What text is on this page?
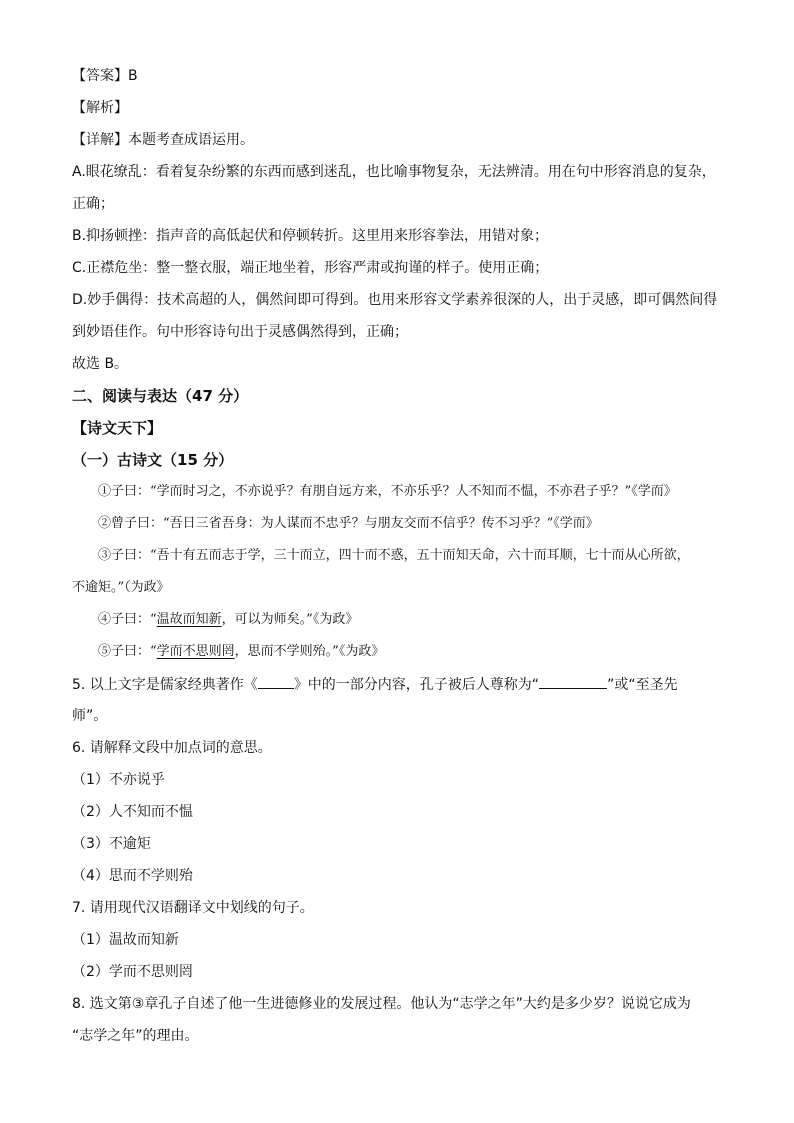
【答案】B
【解析】
【详解】本题考查成语运用。
A.眼花缭乱：看着复杂纷繁的东西而感到迷乱，也比喻事物复杂，无法辨清。用在句中形容消息的复杂，
正确；
B.抑扬顿挫：指声音的高低起伏和停顿转折。这里用来形容拳法，用错对象；
C.正襟危坐：整一整衣服，端正地坐着，形容严肃或拘谨的样子。使用正确；
D.妙手偶得：技术高超的人，偶然间即可得到。也用来形容文学素养很深的人，出于灵感，即可偶然间得
到妙语佳作。句中形容诗句出于灵感偶然得到，正确；
故选 B。
二、阅读与表达（47 分）
【诗文天下】
（一）古诗文（15 分）
①子曰：“学而时习之，不亦说乎？有朋自远方来，不亦乐乎？人不知而不愠，不亦君子乎？”《学而》
②曾子曰：“吾日三省吾身：为人谋而不忠乎？与朋友交而不信乎？传不习乎？”《学而》
③子曰：“吾十有五而志于学，三十而立，四十而不惑，五十而知天命，六十而耳顺，七十而从心所欲，
不逾矩。”（为政》
④子曰：“温故而知新，可以为师矣。”《为政》
⑤子曰：“学而不思则罔，思而不学则殆。”《为政》
5. 以上文字是儒家经典著作《	》中的一部分内容，孔子被后人尊称为“	”或“至圣先
师”。
6. 请解释文段中加点词的意思。
（1）不亦说乎
（2）人不知而不愠
（3）不逾矩
（4）思而不学则殆
7. 请用现代汉语翻译文中划线的句子。
（1）温故而知新
（2）学而不思则罔
8. 选文第③章孔子自述了他一生进德修业的发展过程。他认为“志学之年”大约是多少岁？说说它成为
“志学之年”的理由。
